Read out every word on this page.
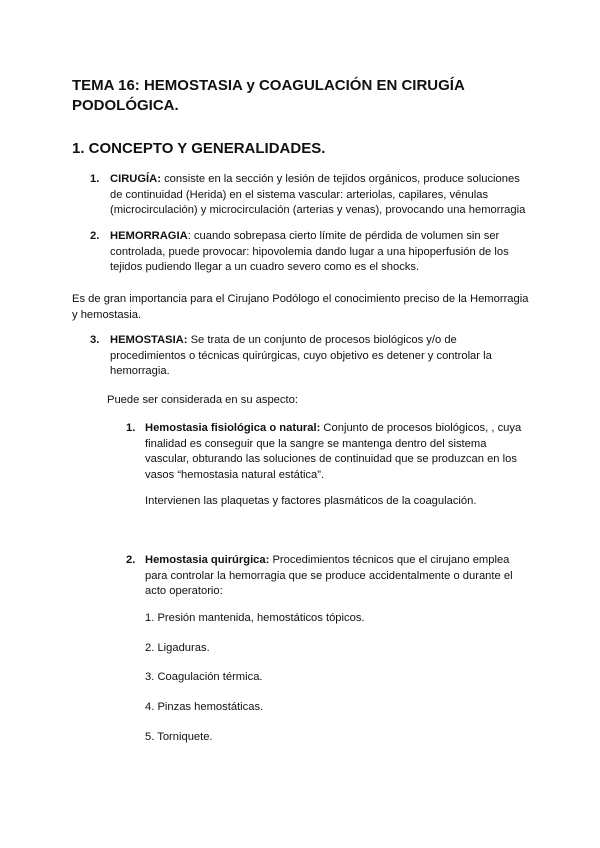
TEMA 16: HEMOSTASIA y COAGULACIÓN EN CIRUGÍA
PODOLÓGICA.
1. CONCEPTO Y GENERALIDADES.
1. CIRUGÍA: consiste en la sección y lesión de tejidos orgánicos, produce soluciones
de continuidad (Herida) en el sistema vascular: arteriolas, capilares, vénulas
(microcirculación) y microcirculación (arterias y venas), provocando una hemorragia
2. HEMORRAGIA: cuando sobrepasa cierto límite de pérdida de volumen sin ser
controlada, puede provocar: hipovolemia dando lugar a una hipoperfusión de los
tejidos pudiendo llegar a un cuadro severo como es el shocks.
Es de gran importancia para el Cirujano Podólogo el conocimiento preciso de la Hemorragia
y hemostasia.
3. HEMOSTASIA: Se trata de un conjunto de procesos biológicos y/o de
procedimientos o técnicas quirúrgicas, cuyo objetivo es detener y controlar la
hemorragia.
Puede ser considerada en su aspecto:
1. Hemostasia fisiológica o natural: Conjunto de procesos biológicos, , cuya
finalidad es conseguir que la sangre se mantenga dentro del sistema
vascular, obturando las soluciones de continuidad que se produzcan en los
vasos “hemostasia natural estática”.
Intervienen las plaquetas y factores plasmáticos de la coagulación.
2. Hemostasia quirúrgica: Procedimientos técnicos que el cirujano emplea
para controlar la hemorragia que se produce accidentalmente o durante el
acto operatorio:
1. Presión mantenida, hemostáticos tópicos.
2. Ligaduras.
3. Coagulación térmica.
4. Pinzas hemostáticas.
5. Torniquete.
